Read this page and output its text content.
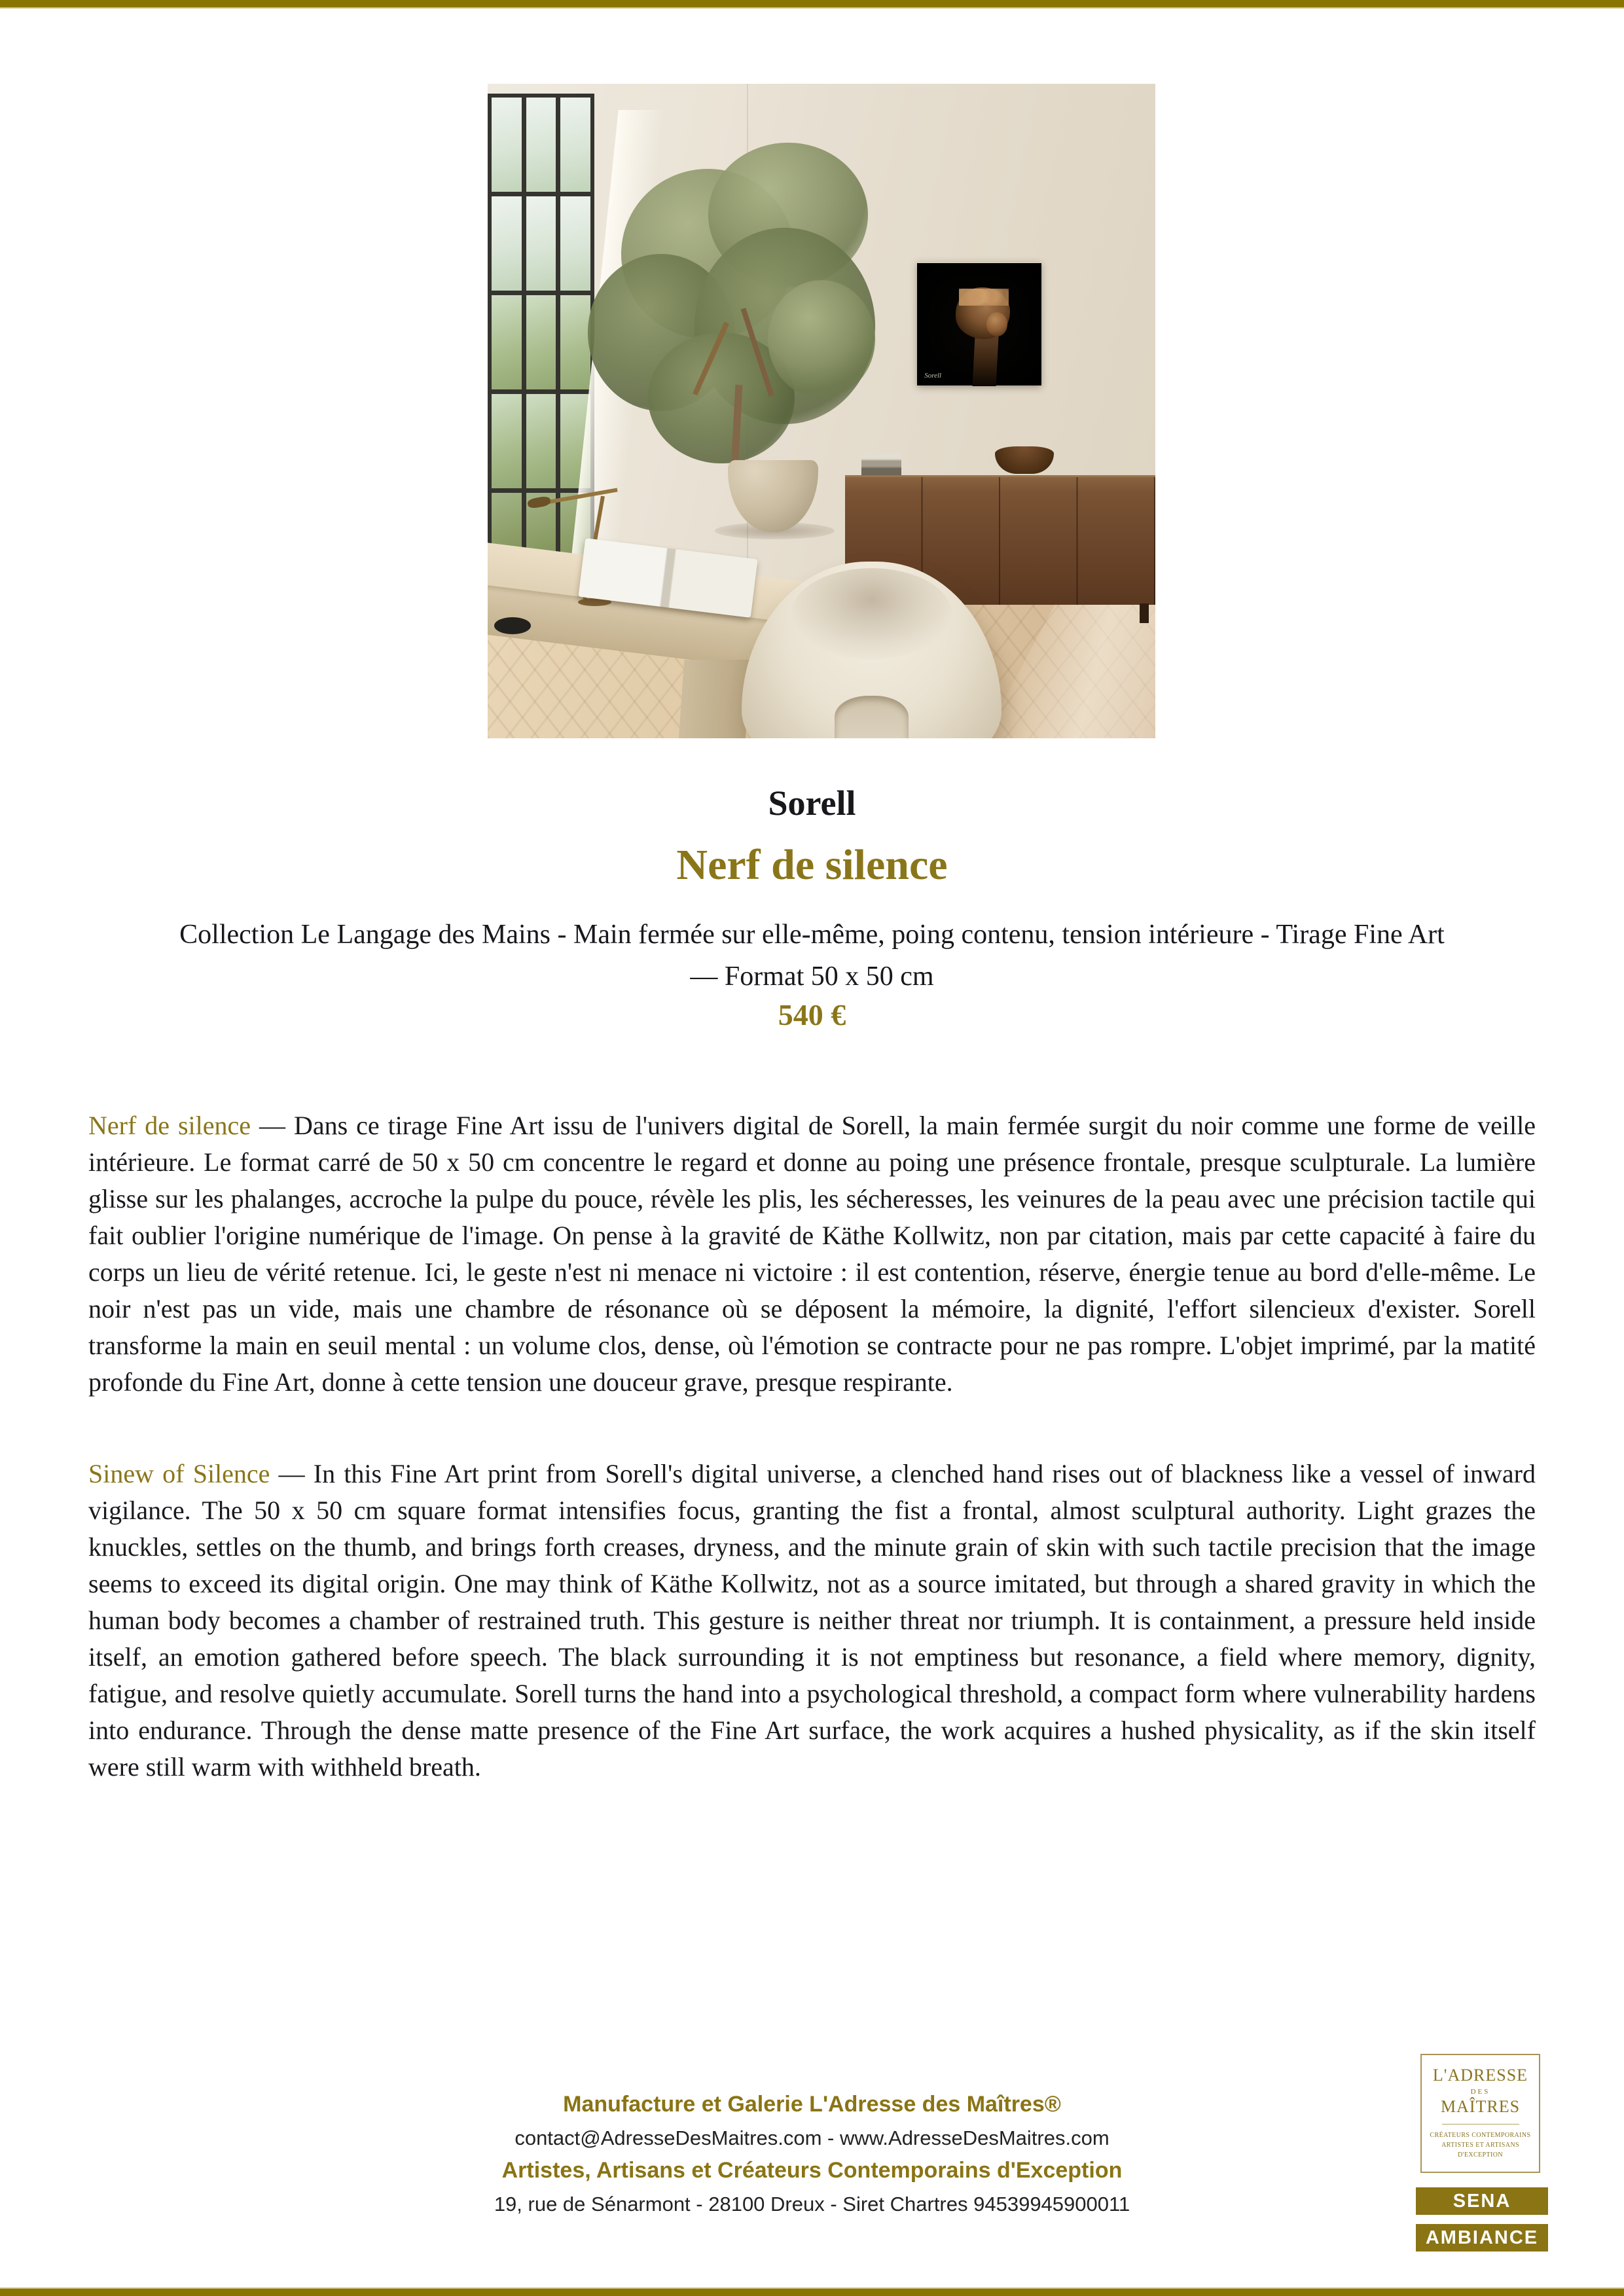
Sorell
Sorell
Nerf de silence
Collection Le Langage des Mains - Main fermée sur elle-même, poing contenu, tension intérieure - Tirage Fine Art
— Format 50 x 50 cm
540 €

Nerf de silence — Dans ce tirage Fine Art issu de l'univers digital de Sorell, la main fermée surgit du noir comme une forme de veille intérieure. Le format carré de 50 x 50 cm concentre le regard et donne au poing une présence frontale, presque sculpturale. La lumière glisse sur les phalanges, accroche la pulpe du pouce, révèle les plis, les sécheresses, les veinures de la peau avec une précision tactile qui fait oublier l'origine numérique de l'image. On pense à la gravité de Käthe Kollwitz, non par citation, mais par cette capacité à faire du corps un lieu de vérité retenue. Ici, le geste n'est ni menace ni victoire : il est contention, réserve, énergie tenue au bord d'elle-même. Le noir n'est pas un vide, mais une chambre de résonance où se déposent la mémoire, la dignité, l'effort silencieux d'exister. Sorell transforme la main en seuil mental : un volume clos, dense, où l'émotion se contracte pour ne pas rompre. L'objet imprimé, par la matité profonde du Fine Art, donne à cette tension une douceur grave, presque respirante.

Sinew of Silence — In this Fine Art print from Sorell's digital universe, a clenched hand rises out of blackness like a vessel of inward vigilance. The 50 x 50 cm square format intensifies focus, granting the fist a frontal, almost sculptural authority. Light grazes the knuckles, settles on the thumb, and brings forth creases, dryness, and the minute grain of skin with such tactile precision that the image seems to exceed its digital origin. One may think of Käthe Kollwitz, not as a source imitated, but through a shared gravity in which the human body becomes a chamber of restrained truth. This gesture is neither threat nor triumph. It is containment, a pressure held inside itself, an emotion gathered before speech. The black surrounding it is not emptiness but resonance, a field where memory, dignity, fatigue, and resolve quietly accumulate. Sorell turns the hand into a psychological threshold, a compact form where vulnerability hardens into endurance. Through the dense matte presence of the Fine Art surface, the work acquires a hushed physicality, as if the skin itself were still warm with withheld breath.

Manufacture et Galerie L'Adresse des Maîtres®
contact@AdresseDesMaitres.com - www.AdresseDesMaitres.com
Artistes, Artisans et Créateurs Contemporains d'Exception
19, rue de Sénarmont - 28100 Dreux - Siret Chartres 94539945900011
L'ADRESSE
DES
MAÎTRES
CRÉATEURS CONTEMPORAINS
ARTISTES ET ARTISANS
D'EXCEPTION
SENA
AMBIANCE
